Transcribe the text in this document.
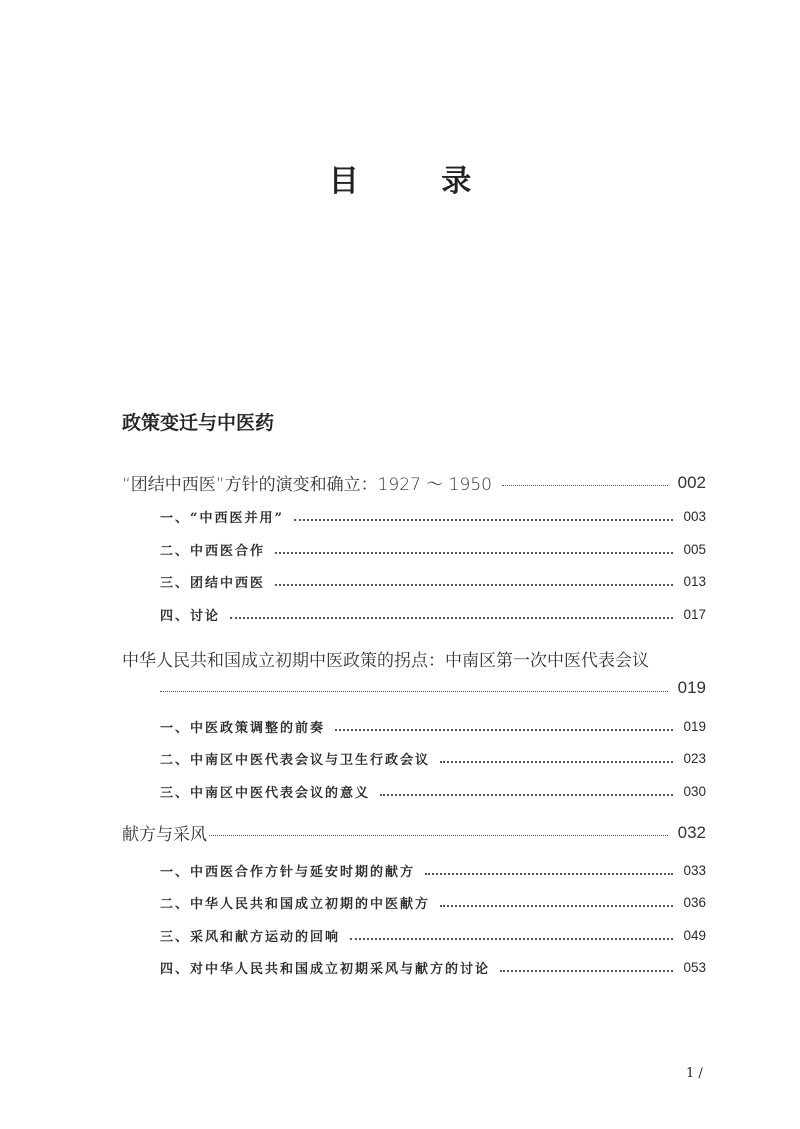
目 录
政策变迁与中医药
“团结中西医”方针的演变和确立：1927 ～ 1950	002
一、“中西医并用”	003
二、中西医合作	005
三、团结中西医	013
四、讨论	017
中华人民共和国成立初期中医政策的拐点：中南区第一次中医代表会议
019
一、中医政策调整的前奏	019
二、中南区中医代表会议与卫生行政会议	023
三、中南区中医代表会议的意义	030
献方与采风	032
一、中西医合作方针与延安时期的献方	033
二、中华人民共和国成立初期的中医献方	036
三、采风和献方运动的回响	049
四、对中华人民共和国成立初期采风与献方的讨论	053
1 /
